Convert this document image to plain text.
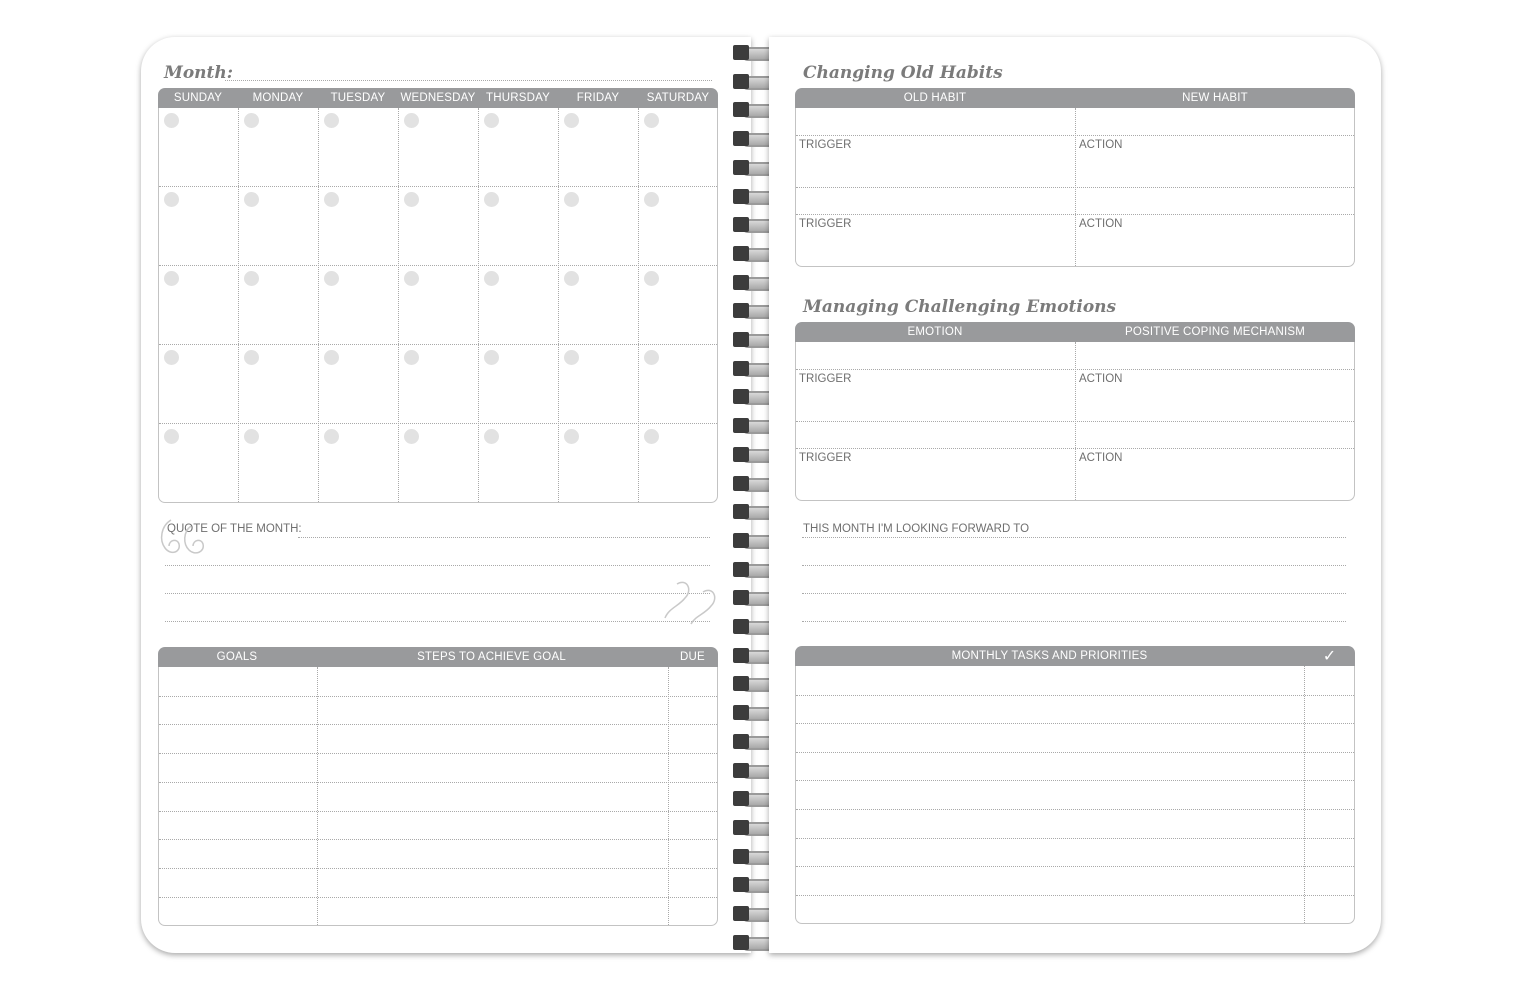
Month:
SUNDAY	MONDAY	TUESDAY	WEDNESDAY THURSDAY	FRIDAY	SATURDAY
QUOTE OF THE MONTH:
GOALS	STEPS TO ACHIEVE GOAL	DUE
Changing Old Habits
OLD HABIT	NEW HABIT
TRIGGER	ACTION
TRIGGER	ACTION
Managing Challenging Emotions
EMOTION	POSITIVE COPING MECHANISM
TRIGGER	ACTION
TRIGGER	ACTION
THIS MONTH I'M LOOKING FORWARD TO
MONTHLY TASKS AND PRIORITIES	✓
